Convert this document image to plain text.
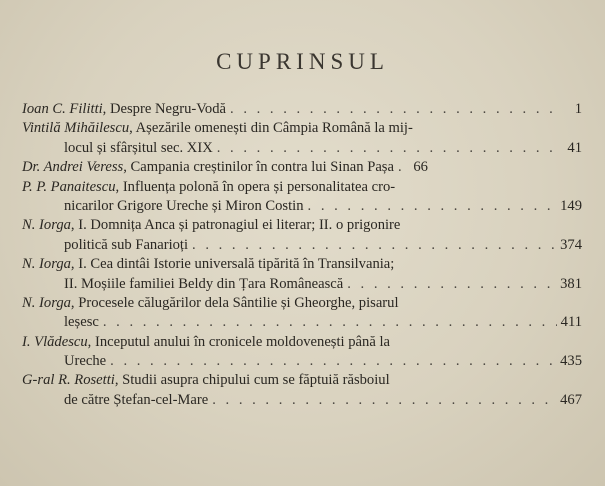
CUPRINSUL
Ioan C. Filitti, Despre Negru-Vodă . . .	1
Vintilă Mihăilescu, Așezările omenești din Câmpia Română la mij-
locul și sfârșitul sec. XIX . . .	41
Dr. Andrei Veress, Campania creștinilor în contra lui Sinan Pașa . . .	66
P. P. Panaitescu, Influența polonă în opera și personalitatea cro-
nicarilor Grigore Ureche și Miron Costin . . .	149
N. Iorga, I. Domnița Anca și patronagiul ei literar; II. o prigonire
politică sub Fanarioți . . .	374
N. Iorga, I. Cea dintâi Istorie universală tipărită în Transilvania;
II. Moșiile familiei Beldy din Țara Românească . . .	381
N. Iorga, Procesele călugărilor dela Sântilie și Gheorghe, pisarul
leșesc . . .	411
I. Vlădescu, Inceputul anului în cronicele moldovenești până la
Ureche . . .	435
G-ral R. Rosetti, Studii asupra chipului cum se făptuiă răsboiul
de către Ștefan-cel-Mare . . .	467
